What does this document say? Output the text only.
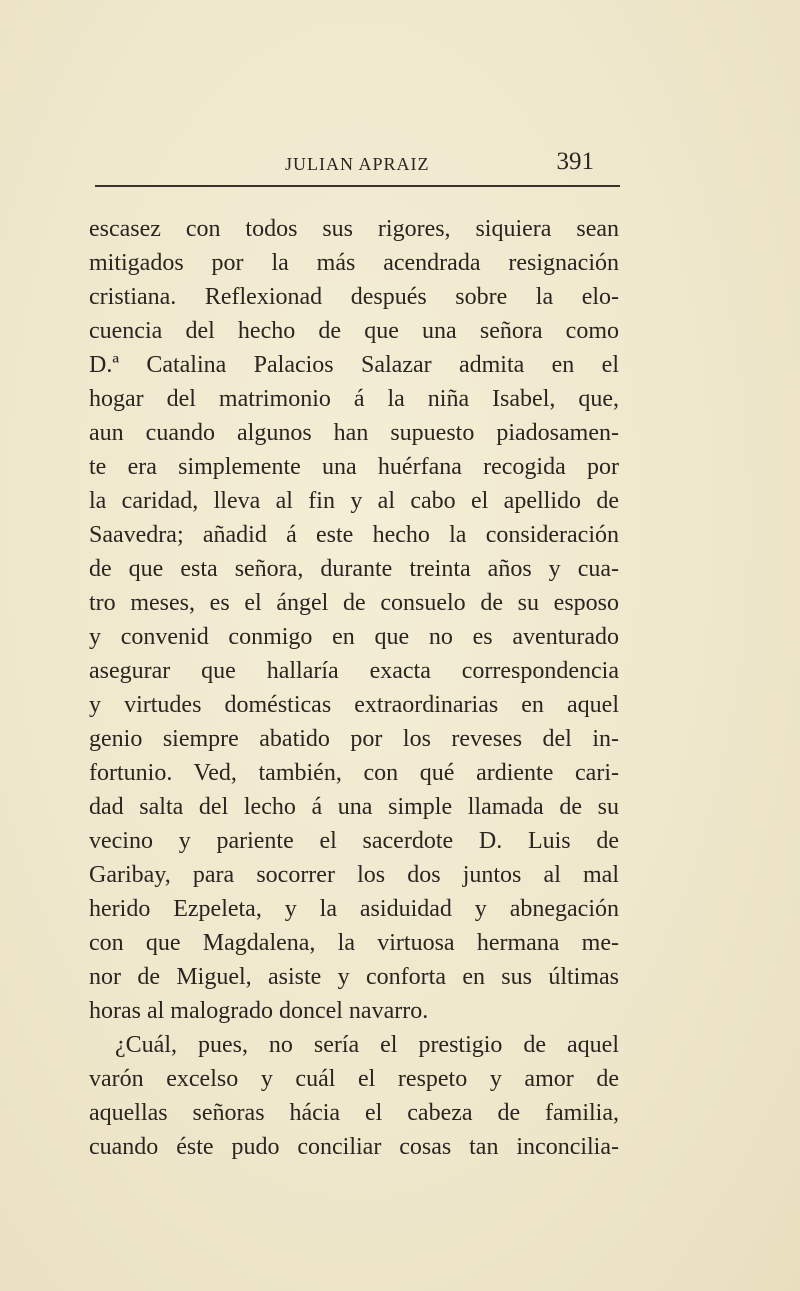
JULIAN APRAIZ	391
escasez con todos sus rigores, siquiera sean
mitigados por la más acendrada resignación
cristiana. Reflexionad después sobre la elo-
cuencia del hecho de que una señora como
D.ª Catalina Palacios Salazar admita en el
hogar del matrimonio á la niña Isabel, que,
aun cuando algunos han supuesto piadosamen-
te era simplemente una huérfana recogida por
la caridad, lleva al fin y al cabo el apellido de
Saavedra; añadid á este hecho la consideración
de que esta señora, durante treinta años y cua-
tro meses, es el ángel de consuelo de su esposo
y convenid conmigo en que no es aventurado
asegurar que hallaría exacta correspondencia
y virtudes domésticas extraordinarias en aquel
genio siempre abatido por los reveses del in-
fortunio. Ved, también, con qué ardiente cari-
dad salta del lecho á una simple llamada de su
vecino y pariente el sacerdote D. Luis de
Garibay, para socorrer los dos juntos al mal
herido Ezpeleta, y la asiduidad y abnegación
con que Magdalena, la virtuosa hermana me-
nor de Miguel, asiste y conforta en sus últimas
horas al malogrado doncel navarro.
¿Cuál, pues, no sería el prestigio de aquel
varón excelso y cuál el respeto y amor de
aquellas señoras hácia el cabeza de familia,
cuando éste pudo conciliar cosas tan inconcilia-
